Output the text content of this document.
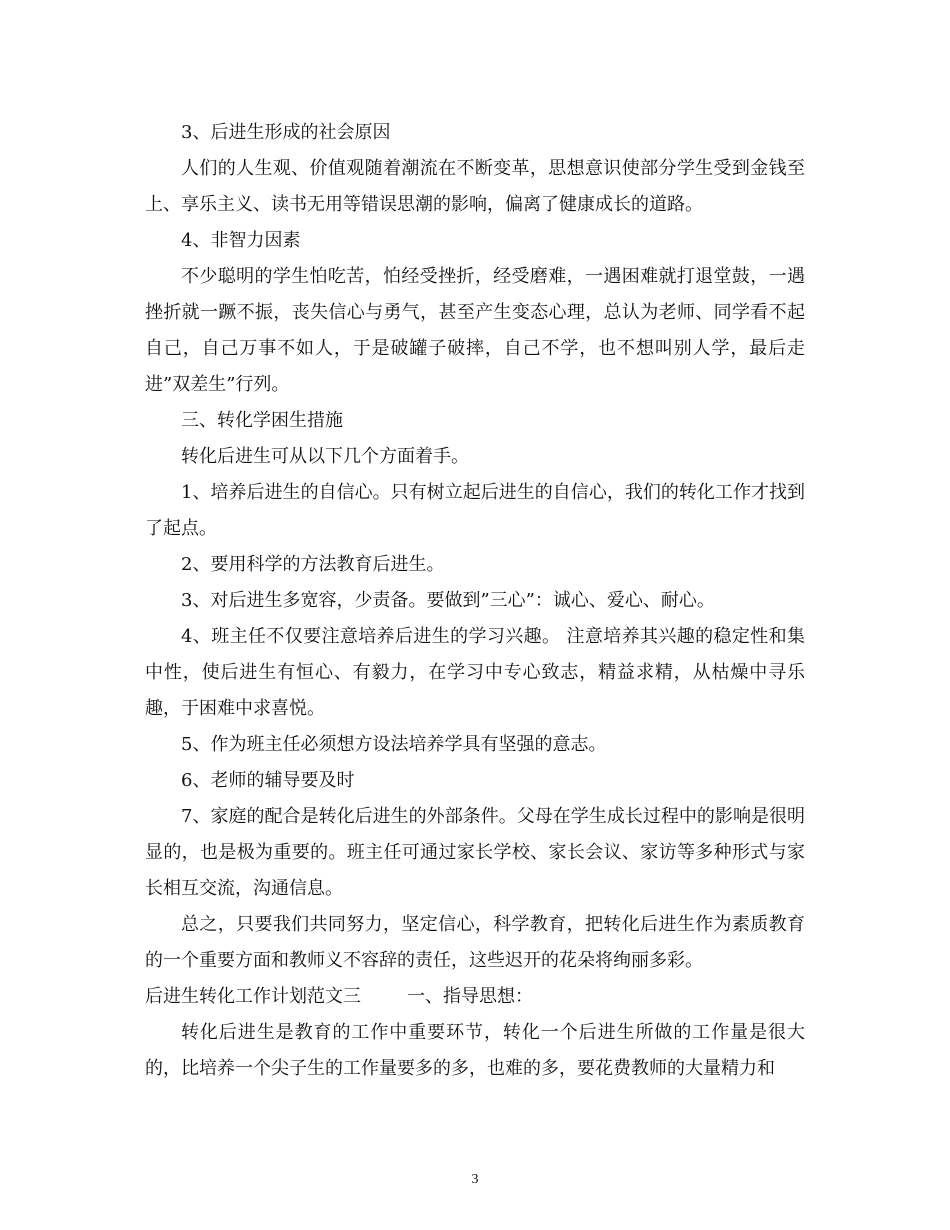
3、后进生形成的社会原因

人们的人生观、价值观随着潮流在不断变革，思想意识使部分学生受到金钱至上、享乐主义、读书无用等错误思潮的影响，偏离了健康成长的道路。

4、非智力因素

不少聪明的学生怕吃苦，怕经受挫折，经受磨难，一遇困难就打退堂鼓，一遇挫折就一蹶不振，丧失信心与勇气，甚至产生变态心理，总认为老师、同学看不起自己，自己万事不如人，于是破罐子破摔，自己不学，也不想叫别人学，最后走进”双差生”行列。

三、转化学困生措施

转化后进生可从以下几个方面着手。

1、培养后进生的自信心。只有树立起后进生的自信心，我们的转化工作才找到了起点。

2、要用科学的方法教育后进生。

3、对后进生多宽容，少责备。要做到”三心”：诚心、爱心、耐心。

4、班主任不仅要注意培养后进生的学习兴趣。 注意培养其兴趣的稳定性和集中性，使后进生有恒心、有毅力，在学习中专心致志，精益求精，从枯燥中寻乐趣，于困难中求喜悦。

5、作为班主任必须想方设法培养学具有坚强的意志。

6、老师的辅导要及时

7、家庭的配合是转化后进生的外部条件。父母在学生成长过程中的影响是很明显的，也是极为重要的。班主任可通过家长学校、家长会议、家访等多种形式与家长相互交流，沟通信息。

总之，只要我们共同努力，坚定信心，科学教育，把转化后进生作为素质教育的一个重要方面和教师义不容辞的责任，这些迟开的花朵将绚丽多彩。

后进生转化工作计划范文三	一、指导思想：

转化后进生是教育的工作中重要环节，转化一个后进生所做的工作量是很大的，比培养一个尖子生的工作量要多的多，也难的多，要花费教师的大量精力和

3
